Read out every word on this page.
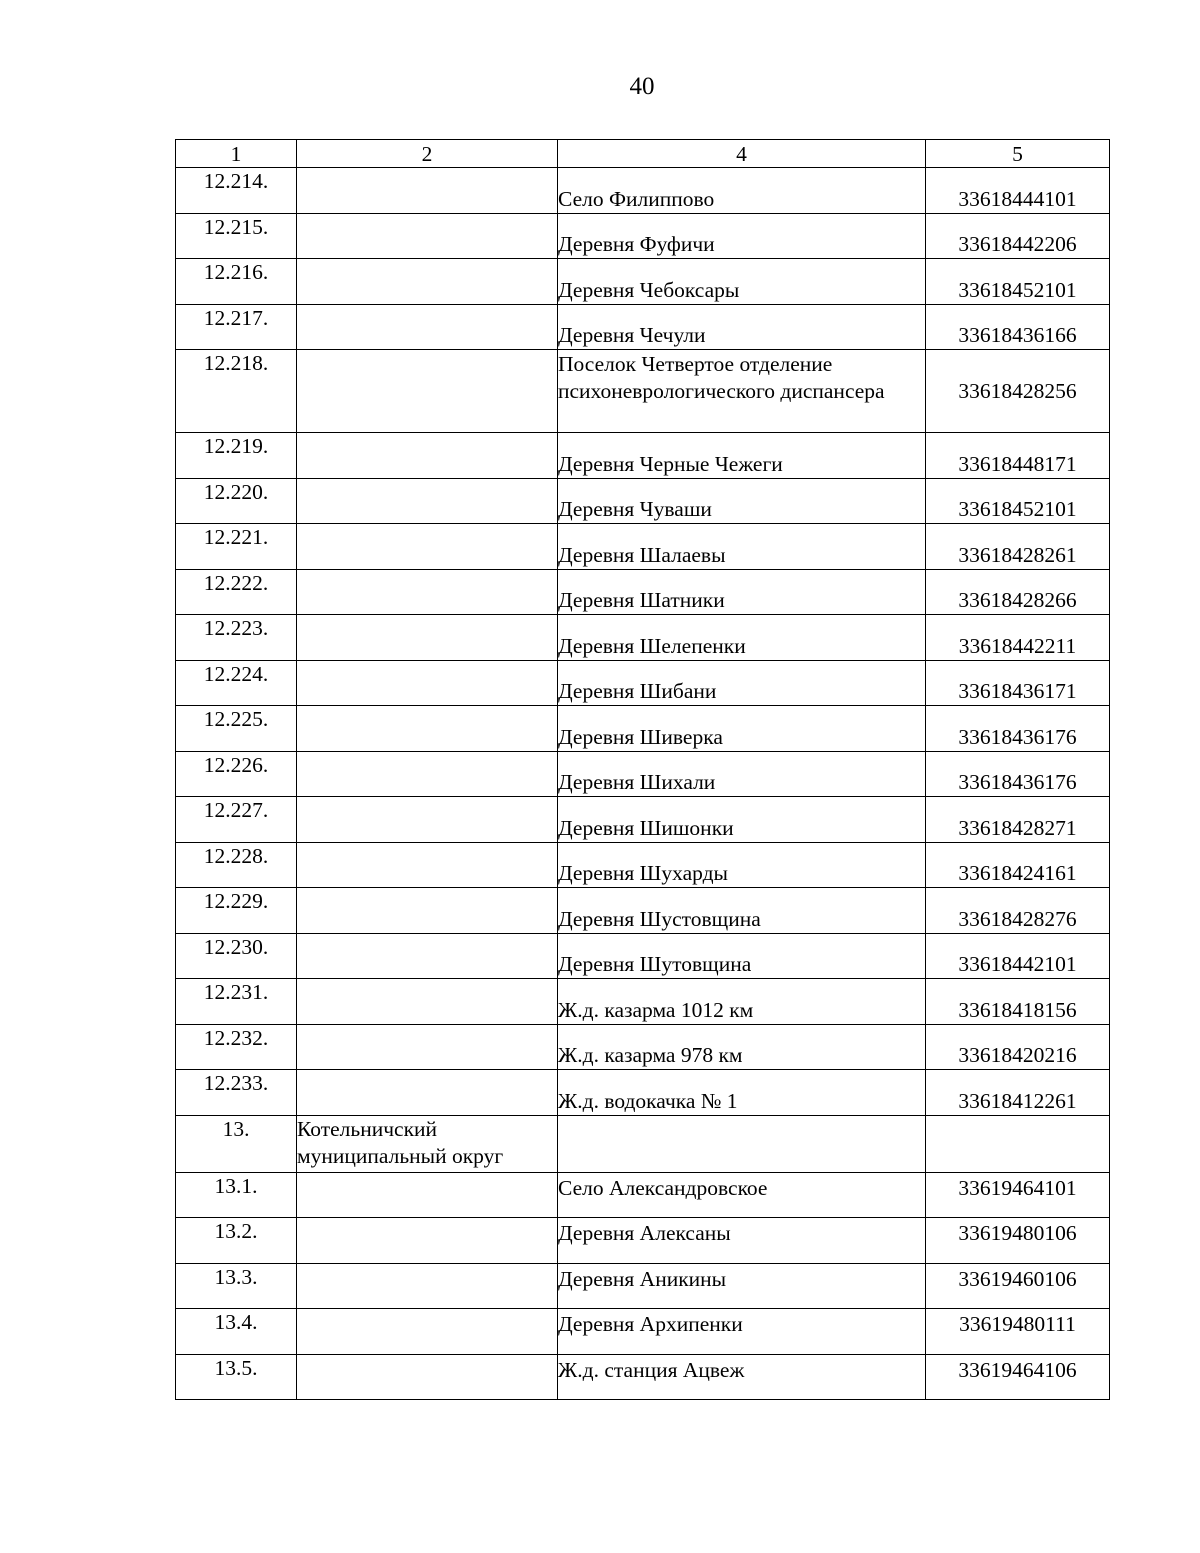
40
1	2	4	5
12.214.		Село Филиппово	33618444101
12.215.		Деревня Фуфичи	33618442206
12.216.		Деревня Чебоксары	33618452101
12.217.		Деревня Чечули	33618436166
12.218.		Поселок Четвертое отделение психоневрологического диспансера	33618428256
12.219.		Деревня Черные Чежеги	33618448171
12.220.		Деревня Чуваши	33618452101
12.221.		Деревня Шалаевы	33618428261
12.222.		Деревня Шатники	33618428266
12.223.		Деревня Шелепенки	33618442211
12.224.		Деревня Шибани	33618436171
12.225.		Деревня Шиверка	33618436176
12.226.		Деревня Шихали	33618436176
12.227.		Деревня Шишонки	33618428271
12.228.		Деревня Шухарды	33618424161
12.229.		Деревня Шустовщина	33618428276
12.230.		Деревня Шутовщина	33618442101
12.231.		Ж.д. казарма 1012 км	33618418156
12.232.		Ж.д. казарма 978 км	33618420216
12.233.		Ж.д. водокачка № 1	33618412261
13.	Котельничский муниципальный округ		
13.1.		Село Александровское	33619464101
13.2.		Деревня Алексаны	33619480106
13.3.		Деревня Аникины	33619460106
13.4.		Деревня Архипенки	33619480111
13.5.		Ж.д. станция Ацвеж	33619464106
